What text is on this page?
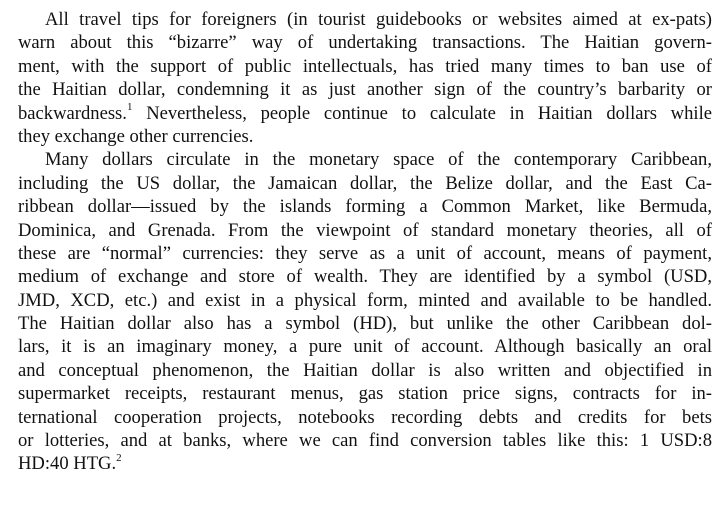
All travel tips for foreigners (in tourist guidebooks or websites aimed at ex-pats)
warn about this “bizarre” way of undertaking transactions. The Haitian govern-
ment, with the support of public intellectuals, has tried many times to ban use of
the Haitian dollar, condemning it as just another sign of the country’s barbarity or
backwardness.$^1$ Nevertheless, people continue to calculate in Haitian dollars while
they exchange other currencies.
Many dollars circulate in the monetary space of the contemporary Caribbean,
including the US dollar, the Jamaican dollar, the Belize dollar, and the East Ca-
ribbean dollar—issued by the islands forming a Common Market, like Bermuda,
Dominica, and Grenada. From the viewpoint of standard monetary theories, all of
these are “normal” currencies: they serve as a unit of account, means of payment,
medium of exchange and store of wealth. They are identified by a symbol (USD,
JMD, XCD, etc.) and exist in a physical form, minted and available to be handled.
The Haitian dollar also has a symbol (HD), but unlike the other Caribbean dol-
lars, it is an imaginary money, a pure unit of account. Although basically an oral
and conceptual phenomenon, the Haitian dollar is also written and objectified in
supermarket receipts, restaurant menus, gas station price signs, contracts for in-
ternational cooperation projects, notebooks recording debts and credits for bets
or lotteries, and at banks, where we can find conversion tables like this: 1 USD:8
HD:40 HTG.$^2$
